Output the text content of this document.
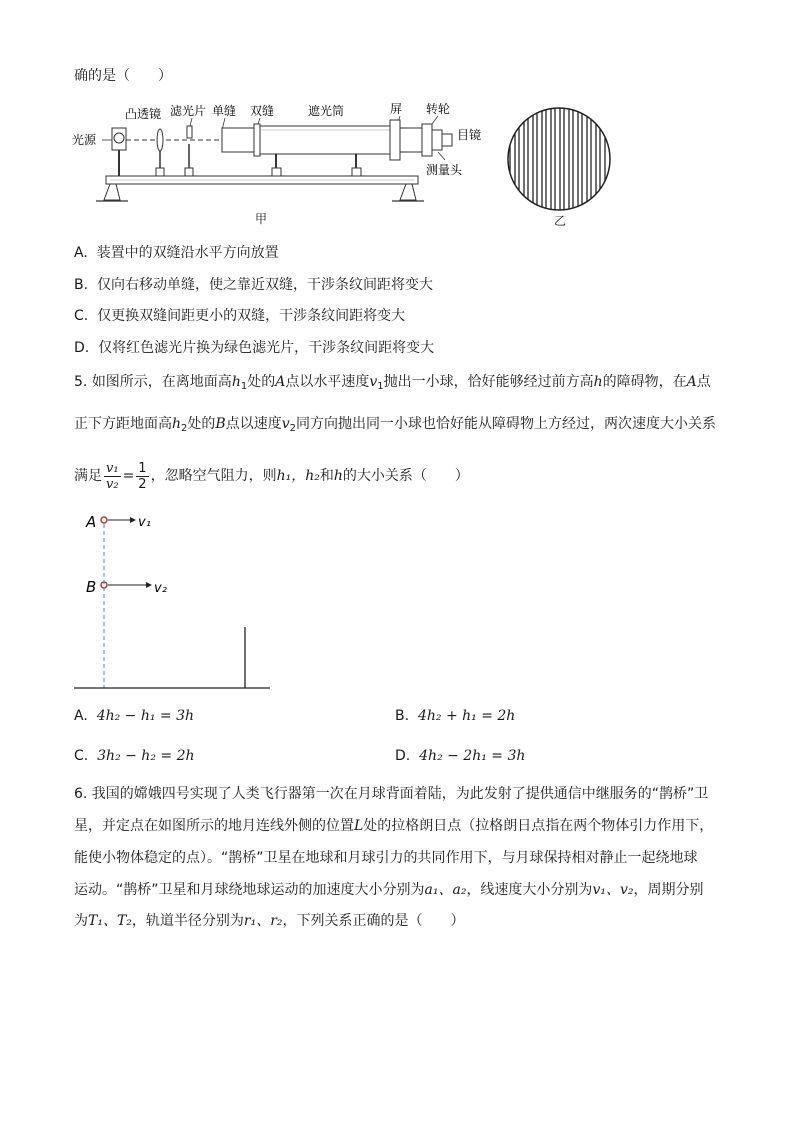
确的是（　　）
光源
凸透镜 滤光片 单缝 双缝	遮光筒	屏 转轮
目镜
测量头
甲	乙
A. 装置中的双缝沿水平方向放置
B. 仅向右移动单缝，使之靠近双缝，干涉条纹间距将变大
C. 仅更换双缝间距更小的双缝，干涉条纹间距将变大
D. 仅将红色滤光片换为绿色滤光片，干涉条纹间距将变大
5. 如图所示，在离地面高$h_1$处的A点以水平速度$v_1$抛出一小球，恰好能够经过前方高h的障碍物，在A点
正下方距地面高$h_2$处的B点以速度$v_2$同方向抛出同一小球也恰好能从障碍物上方经过，两次速度大小关系
满足 $\frac{\text{v₁}}{\text{v₂}} = \frac{1}{2}$ ，忽略空气阻力，则h₁，h₂和h的大小关系（　　）
A	v₁
B	v₂
A. 4h₂ − h₁ = 3h	B. 4h₂ + h₁ = 2h
C. 3h₂ − h₂ = 2h	D. 4h₂ − 2h₁ = 3h
6. 我国的嫦娥四号实现了人类飞行器第一次在月球背面着陆，为此发射了提供通信中继服务的“鹊桥”卫
星，并定点在如图所示的地月连线外侧的位置L处的拉格朗日点（拉格朗日点指在两个物体引力作用下，
能使小物体稳定的点）。“鹊桥”卫星在地球和月球引力的共同作用下，与月球保持相对静止一起绕地球
运动。“鹊桥”卫星和月球绕地球运动的加速度大小分别为a₁、a₂，线速度大小分别为v₁、v₂，周期分别
为T₁、T₂，轨道半径分别为r₁、r₂，下列关系正确的是（　　）
